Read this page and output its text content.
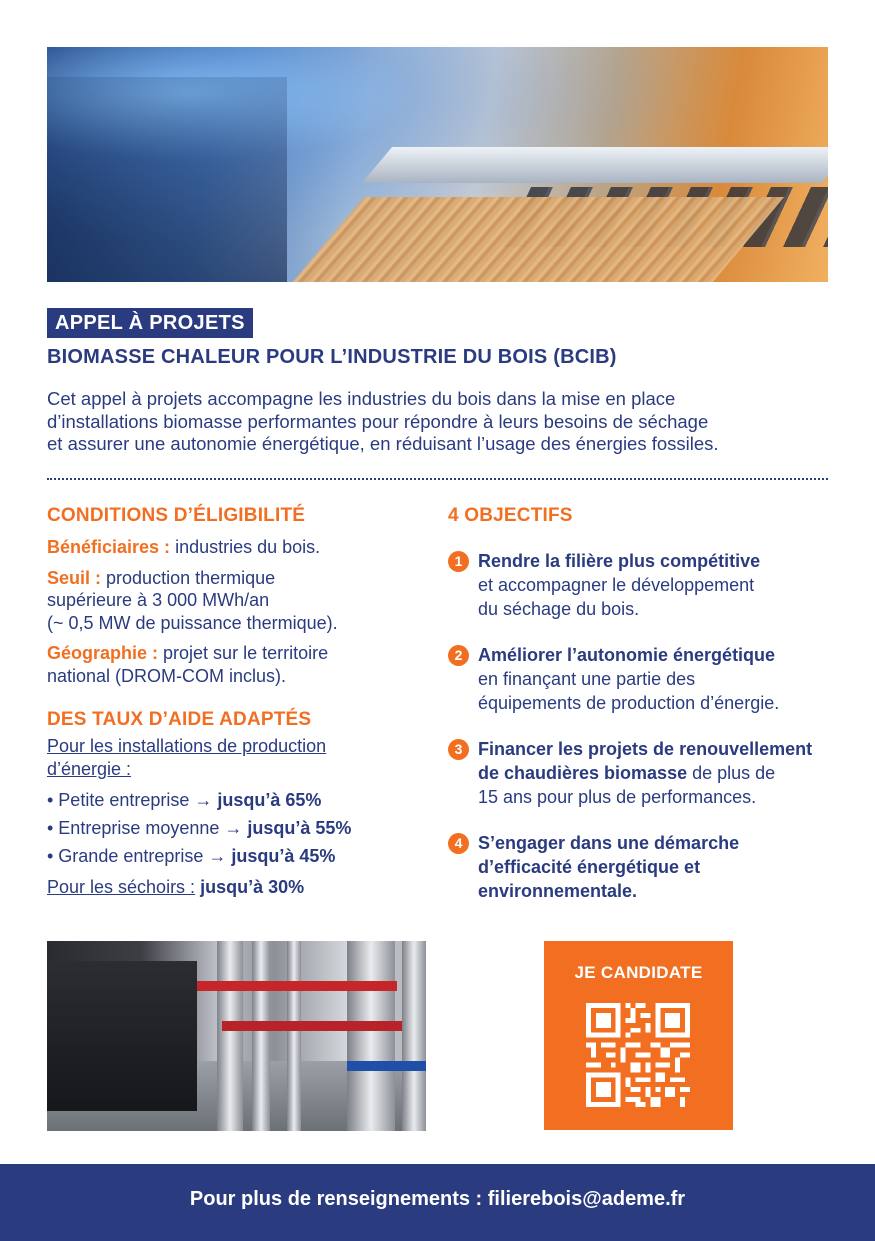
APPEL À PROJETS
BIOMASSE CHALEUR POUR L’INDUSTRIE DU BOIS (BCIB)
Cet appel à projets accompagne les industries du bois dans la mise en place
d’installations biomasse performantes pour répondre à leurs besoins de séchage
et assurer une autonomie énergétique, en réduisant l’usage des énergies fossiles.
CONDITIONS D’ÉLIGIBILITÉ
Bénéficiaires : industries du bois.
Seuil : production thermique
supérieure à 3 000 MWh/an
(~ 0,5 MW de puissance thermique).
Géographie : projet sur le territoire
national (DROM-COM inclus).
DES TAUX D’AIDE ADAPTÉS
Pour les installations de production
d’énergie :
• Petite entreprise → jusqu’à 65%
• Entreprise moyenne → jusqu’à 55%
• Grande entreprise → jusqu’à 45%
Pour les séchoirs : jusqu’à 30%
4 OBJECTIFS
1 Rendre la filière plus compétitive
et accompagner le développement
du séchage du bois.
2 Améliorer l’autonomie énergétique
en finançant une partie des
équipements de production d’énergie.
3 Financer les projets de renouvellement
de chaudières biomasse de plus de
15 ans pour plus de performances.
4 S’engager dans une démarche
d’efficacité énergétique et
environnementale.
JE CANDIDATE
Pour plus de renseignements : filierebois@ademe.fr
